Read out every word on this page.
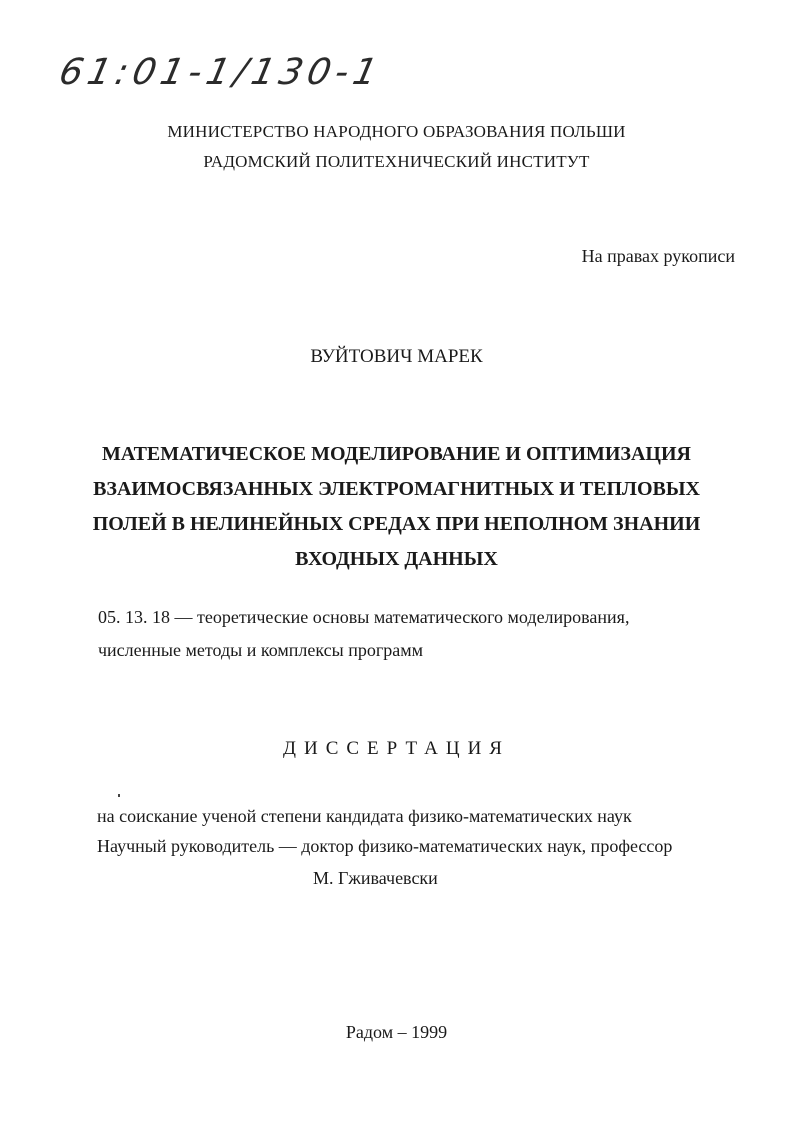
61:01-1/130-1
МИНИСТЕРСТВО НАРОДНОГО ОБРАЗОВАНИЯ ПОЛЬШИ
РАДОМСКИЙ ПОЛИТЕХНИЧЕСКИЙ ИНСТИТУТ
На правах рукописи
ВУЙТОВИЧ МАРЕК
МАТЕМАТИЧЕСКОЕ МОДЕЛИРОВАНИЕ И ОПТИМИЗАЦИЯ ВЗАИМОСВЯЗАННЫХ ЭЛЕКТРОМАГНИТНЫХ И ТЕПЛОВЫХ ПОЛЕЙ В НЕЛИНЕЙНЫХ СРЕДАХ ПРИ НЕПОЛНОМ ЗНАНИИ ВХОДНЫХ ДАННЫХ
05. 13. 18 — теоретические основы математического моделирования,
численные методы и комплексы программ
ДИССЕРТАЦИЯ
на соискание ученой степени кандидата физико-математических наук
Научный руководитель — доктор физико-математических наук, профессор
М. Гживачевски
Радом – 1999
